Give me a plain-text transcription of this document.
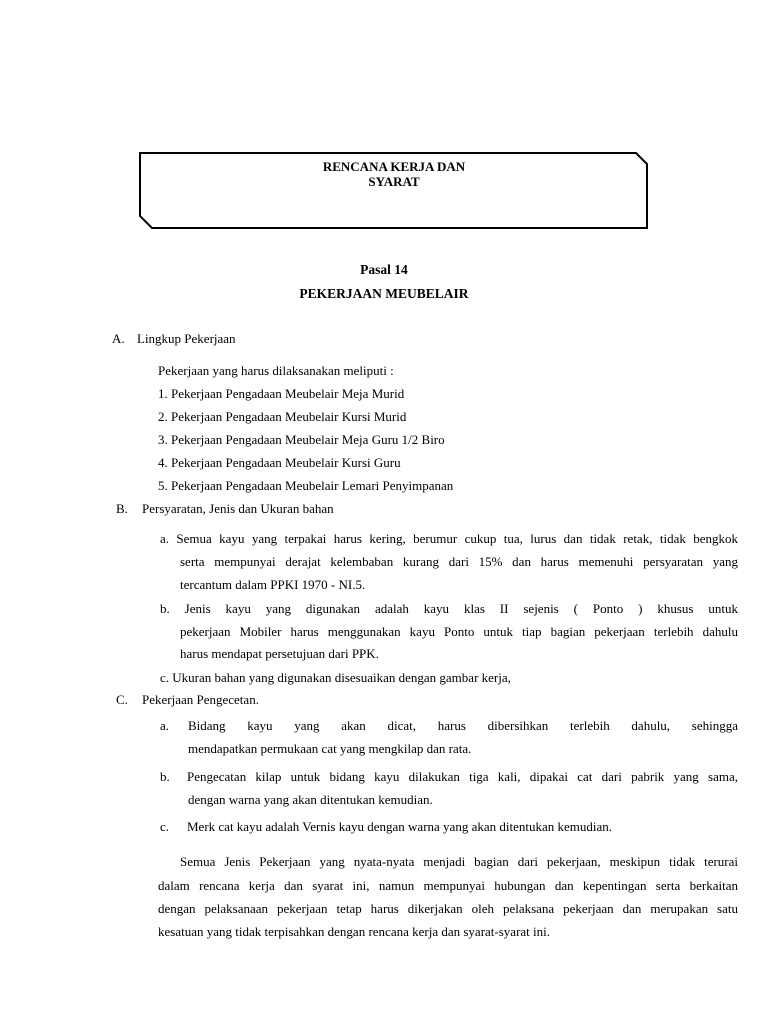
RENCANA KERJA DAN
SYARAT
Pasal 14
PEKERJAAN MEUBELAIR
A. Lingkup Pekerjaan
Pekerjaan yang harus dilaksanakan meliputi :
1. Pekerjaan Pengadaan Meubelair Meja Murid
2. Pekerjaan Pengadaan Meubelair Kursi Murid
3. Pekerjaan Pengadaan Meubelair Meja Guru 1/2 Biro
4. Pekerjaan Pengadaan Meubelair Kursi Guru
5. Pekerjaan Pengadaan Meubelair Lemari Penyimpanan
B. Persyaratan, Jenis dan Ukuran bahan
a. Semua kayu yang terpakai harus kering, berumur cukup tua, lurus dan tidak retak, tidak bengkok
serta mempunyai derajat kelembaban kurang dari 15% dan harus memenuhi persyaratan yang
tercantum dalam PPKI 1970 - NI.5.
b. Jenis kayu yang digunakan adalah kayu klas II sejenis ( Ponto ) khusus untuk
pekerjaan Mobiler harus menggunakan kayu Ponto untuk tiap bagian pekerjaan terlebih dahulu
harus mendapat persetujuan dari PPK.
c. Ukuran bahan yang digunakan disesuaikan dengan gambar kerja,
C. Pekerjaan Pengecetan.
a. Bidang kayu yang akan dicat, harus dibersihkan terlebih dahulu, sehingga
mendapatkan permukaan cat yang mengkilap dan rata.
b. Pengecatan kilap untuk bidang kayu dilakukan tiga kali, dipakai cat dari pabrik yang sama,
dengan warna yang akan ditentukan kemudian.
c. Merk cat kayu adalah Vernis kayu dengan warna yang akan ditentukan kemudian.
Semua Jenis Pekerjaan yang nyata-nyata menjadi bagian dari pekerjaan, meskipun tidak terurai
dalam rencana kerja dan syarat ini, namun mempunyai hubungan dan kepentingan serta berkaitan
dengan pelaksanaan pekerjaan tetap harus dikerjakan oleh pelaksana pekerjaan dan merupakan satu
kesatuan yang tidak terpisahkan dengan rencana kerja dan syarat-syarat ini.
